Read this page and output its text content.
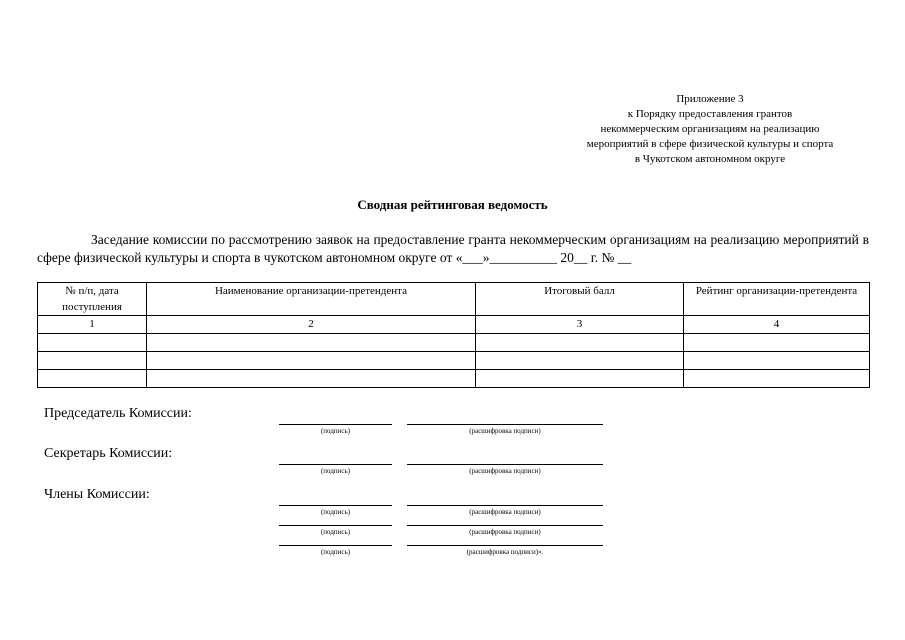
Приложение 3
к Порядку предоставления грантов
некоммерческим организациям на реализацию
мероприятий в сфере физической культуры и спорта
в Чукотском автономном округе
Сводная рейтинговая ведомость
Заседание комиссии по рассмотрению заявок на предоставление гранта некоммерческим организациям на реализацию мероприятий в сфере физической культуры и спорта в чукотском автономном округе от «___»__________ 20__ г. № __
№ п/п, дата поступления	Наименование организации-претендента	Итоговый балл	Рейтинг организации-претендента
1	2	3	4

Председатель Комиссии:
(подпись)	(расшифровка подписи)
Секретарь Комиссии:
(подпись)	(расшифровка подписи)
Члены Комиссии:
(подпись)	(расшифровка подписи)
(подпись)	(расшифровка подписи)
(подпись)	(расшифровка подписи)».
